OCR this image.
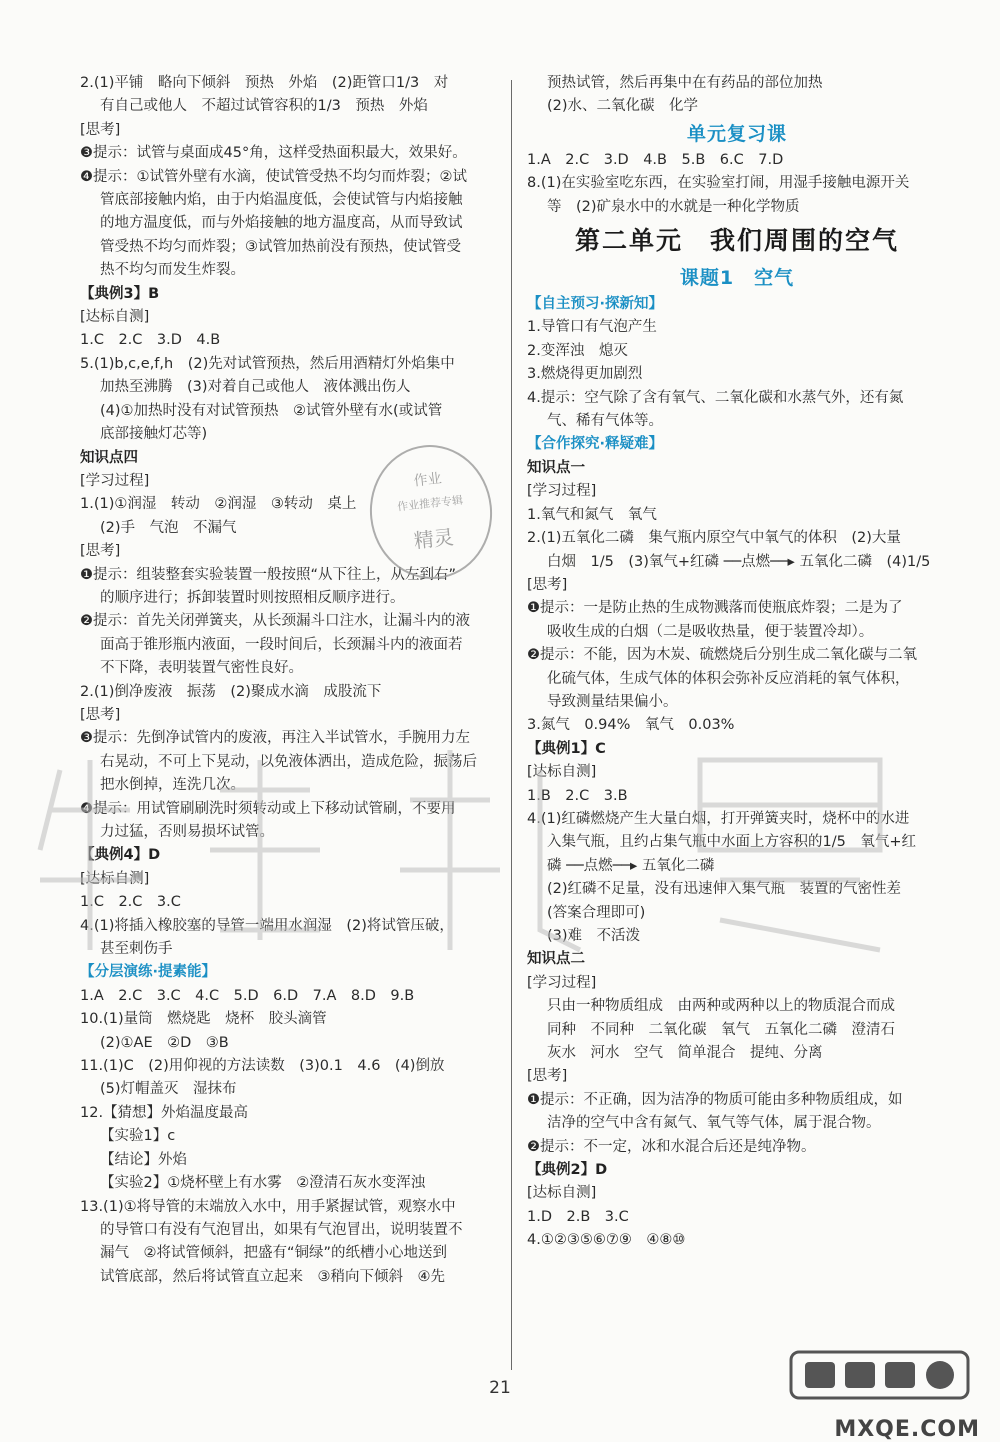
2.(1)平铺　略向下倾斜　预热　外焰　(2)距管口1/3　对
有自己或他人　不超过试管容积的1/3　预热　外焰
[思考]
❸提示：试管与桌面成45°角，这样受热面积最大，效果好。
❹提示：①试管外壁有水滴，使试管受热不均匀而炸裂；②试
管底部接触内焰，由于内焰温度低，会使试管与内焰接触
的地方温度低，而与外焰接触的地方温度高，从而导致试
管受热不均匀而炸裂；③试管加热前没有预热，使试管受
热不均匀而发生炸裂。
【典例3】B
[达标自测]
1.C　2.C　3.D　4.B
5.(1)b,c,e,f,h　(2)先对试管预热，然后用酒精灯外焰集中
加热至沸腾　(3)对着自己或他人　液体溅出伤人
(4)①加热时没有对试管预热　②试管外壁有水(或试管
底部接触灯芯等)
知识点四
[学习过程]
1.(1)①润湿　转动　②润湿　③转动　桌上
(2)手　气泡　不漏气
[思考]
❶提示：组装整套实验装置一般按照“从下往上，从左到右”
的顺序进行；拆卸装置时则按照相反顺序进行。
❷提示：首先关闭弹簧夹，从长颈漏斗口注水，让漏斗内的液
面高于锥形瓶内液面，一段时间后，长颈漏斗内的液面若
不下降，表明装置气密性良好。
2.(1)倒净废液　振荡　(2)聚成水滴　成股流下
[思考]
❸提示：先倒净试管内的废液，再注入半试管水，手腕用力左
右晃动，不可上下晃动，以免液体洒出，造成危险，振荡后
把水倒掉，连洗几次。
❹提示：用试管刷刷洗时须转动或上下移动试管刷，不要用
力过猛，否则易损坏试管。
【典例4】D
[达标自测]
1.C　2.C　3.C
4.(1)将插入橡胶塞的导管一端用水润湿　(2)将试管压破，
甚至刺伤手
【分层演练·提素能】
1.A　2.C　3.C　4.C　5.D　6.D　7.A　8.D　9.B
10.(1)量筒　燃烧匙　烧杯　胶头滴管
(2)①AE　②D　③B
11.(1)C　(2)用仰视的方法读数　(3)0.1　4.6　(4)倒放
(5)灯帽盖灭　湿抹布
12.【猜想】外焰温度最高
【实验1】c
【结论】外焰
【实验2】①烧杯壁上有水雾　②澄清石灰水变浑浊
13.(1)①将导管的末端放入水中，用手紧握试管，观察水中
的导管口有没有气泡冒出，如果有气泡冒出，说明装置不
漏气　②将试管倾斜，把盛有“铜绿”的纸槽小心地送到
试管底部，然后将试管直立起来　③稍向下倾斜　④先
预热试管，然后再集中在有药品的部位加热
(2)水、二氧化碳　化学
单元复习课
1.A　2.C　3.D　4.B　5.B　6.C　7.D
8.(1)在实验室吃东西，在实验室打闹，用湿手接触电源开关
等　(2)矿泉水中的水就是一种化学物质
第二单元　我们周围的空气
课题1　空气
【自主预习·探新知】
1.导管口有气泡产生
2.变浑浊　熄灭
3.燃烧得更加剧烈
4.提示：空气除了含有氧气、二氧化碳和水蒸气外，还有氮
气、稀有气体等。
【合作探究·释疑难】
知识点一
[学习过程]
1.氧气和氮气　氧气
2.(1)五氧化二磷　集气瓶内原空气中氧气的体积　(2)大量
白烟　1/5　(3)氧气+红磷 ──点燃──▸ 五氧化二磷　(4)1/5
[思考]
❶提示：一是防止热的生成物溅落而使瓶底炸裂；二是为了
吸收生成的白烟（二是吸收热量，便于装置冷却）。
❷提示：不能，因为木炭、硫燃烧后分别生成二氧化碳与二氧
化硫气体，生成气体的体积会弥补反应消耗的氧气体积，
导致测量结果偏小。
3.氮气　0.94%　氧气　0.03%
【典例1】C
[达标自测]
1.B　2.C　3.B
4.(1)红磷燃烧产生大量白烟，打开弹簧夹时，烧杯中的水进
入集气瓶，且约占集气瓶中水面上方容积的1/5　氧气+红
磷 ──点燃──▸ 五氧化二磷
(2)红磷不足量，没有迅速伸入集气瓶　装置的气密性差
(答案合理即可)
(3)难　不活泼
知识点二
[学习过程]
只由一种物质组成　由两种或两种以上的物质混合而成
同种　不同种　二氧化碳　氧气　五氧化二磷　澄清石
灰水　河水　空气　简单混合　提纯、分离
[思考]
❶提示：不正确，因为洁净的物质可能由多种物质组成，如
洁净的空气中含有氮气、氧气等气体，属于混合物。
❷提示：不一定，冰和水混合后还是纯净物。
【典例2】D
[达标自测]
1.D　2.B　3.C
4.①②③⑤⑥⑦⑨　④⑧⑩
作业
作业推荐专辑
精灵
21
MXQE.COM
